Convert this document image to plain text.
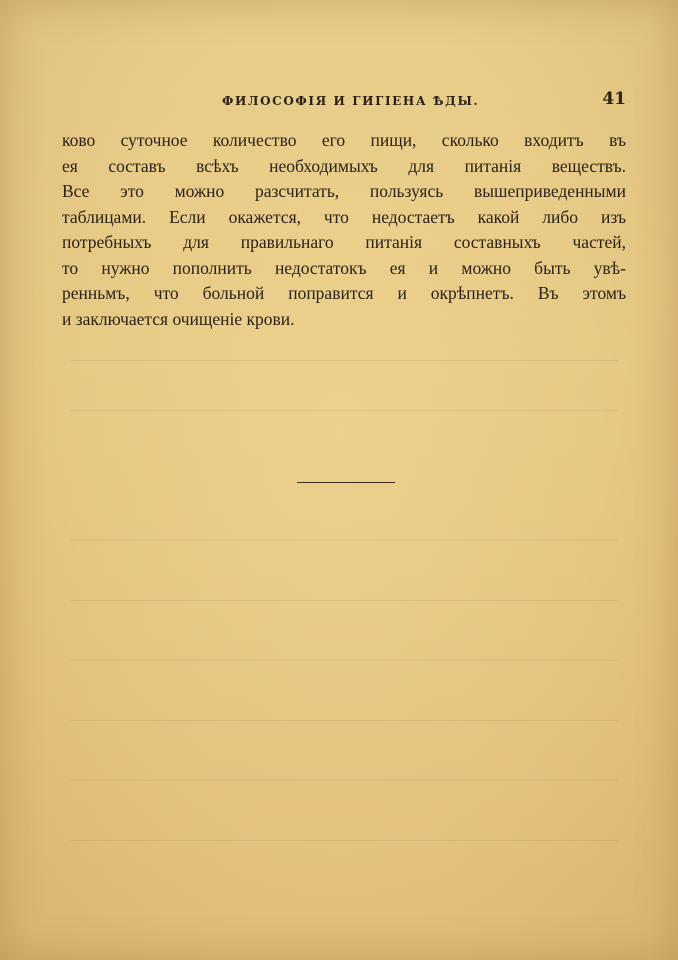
ФИЛОСОФІЯ И ГИГІЕНА ѢДЫ.	41
ково суточное количество его пищи, сколько входитъ въ
ея составъ всѣхъ необходимыхъ для питанія веществъ.
Все это можно разсчитать, пользуясь вышеприведенными
таблицами. Если окажется, что недостаетъ какой либо изъ
потребныхъ для правильнаго питанія составныхъ частей,
то нужно пополнить недостатокъ ея и можно быть увѣ-
ренньмъ, что больной поправится и окрѣпнетъ. Въ этомъ
и заключается очищеніе крови.
